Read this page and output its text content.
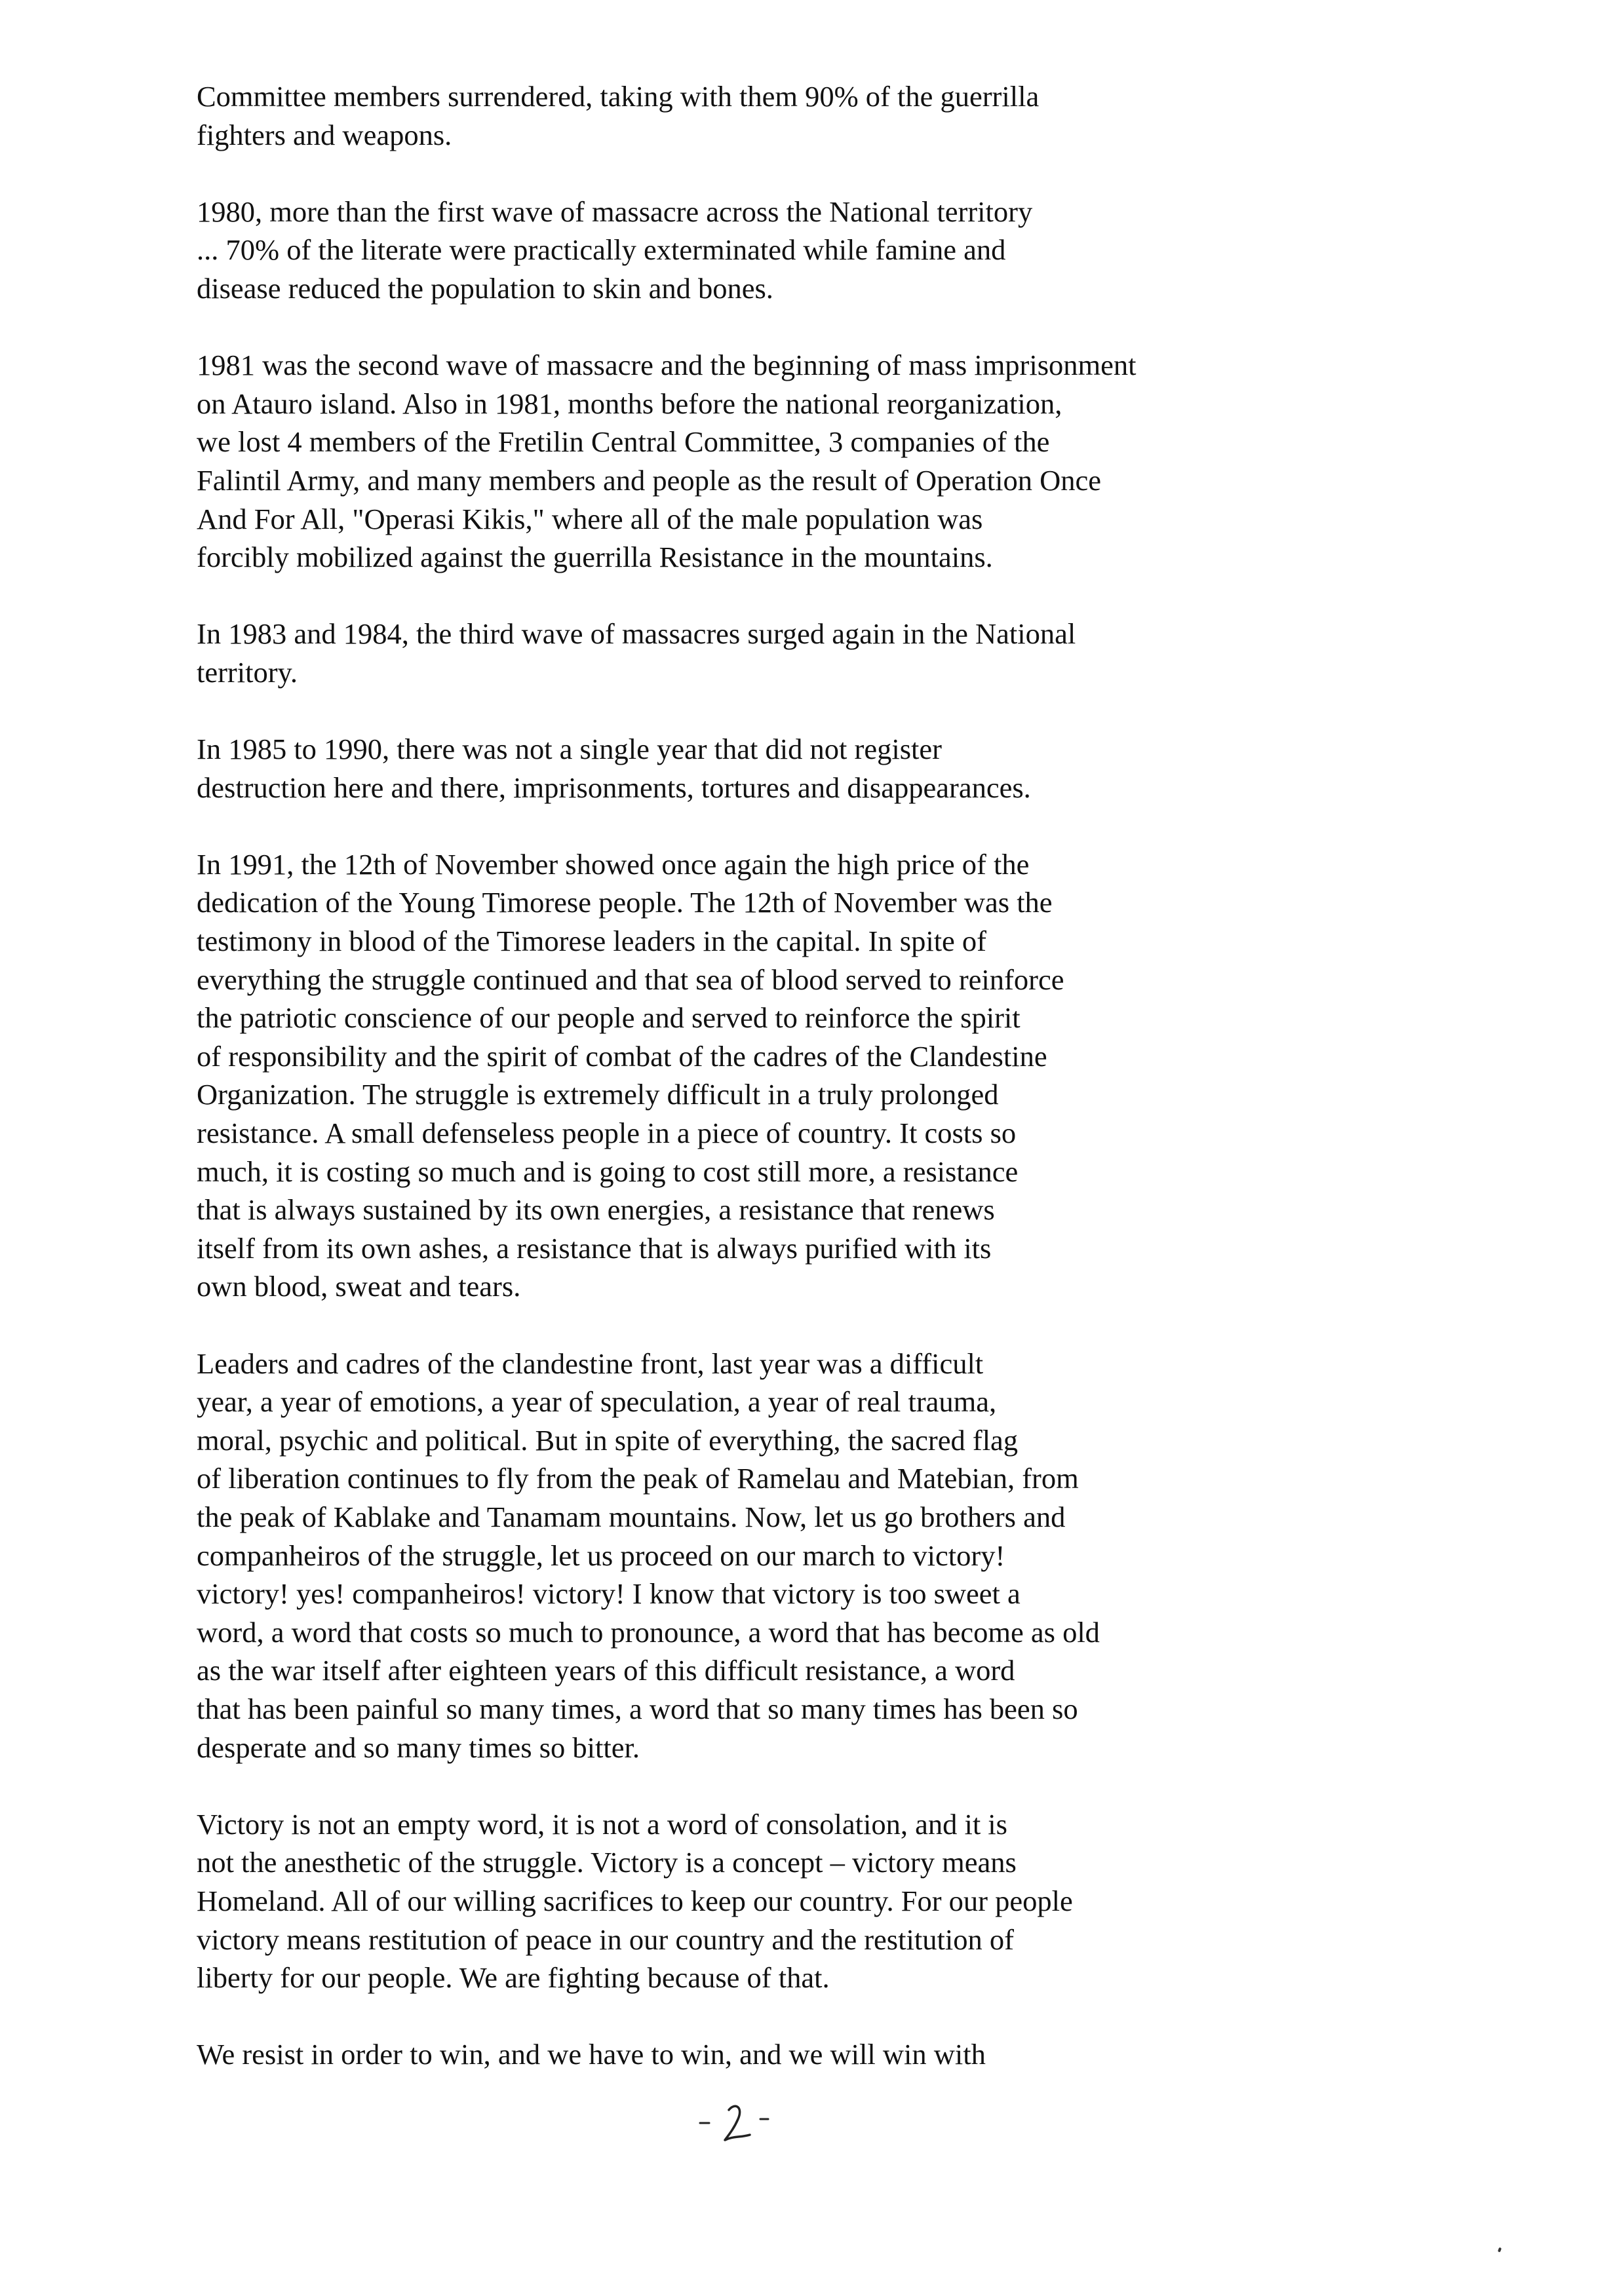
Committee members surrendered, taking with them 90% of the guerrilla
fighters and weapons.
1980, more than the first wave of massacre across the National territory
... 70% of the literate were practically exterminated while famine and
disease reduced the population to skin and bones.
1981 was the second wave of massacre and the beginning of mass imprisonment
on Atauro island. Also in 1981, months before the national reorganization,
we lost 4 members of the Fretilin Central Committee, 3 companies of the
Falintil Army, and many members and people as the result of Operation Once
And For All, "Operasi Kikis," where all of the male population was
forcibly mobilized against the guerrilla Resistance in the mountains.
In 1983 and 1984, the third wave of massacres surged again in the National
territory.
In 1985 to 1990, there was not a single year that did not register
destruction here and there, imprisonments, tortures and disappearances.
In 1991, the 12th of November showed once again the high price of the
dedication of the Young Timorese people. The 12th of November was the
testimony in blood of the Timorese leaders in the capital. In spite of
everything the struggle continued and that sea of blood served to reinforce
the patriotic conscience of our people and served to reinforce the spirit
of responsibility and the spirit of combat of the cadres of the Clandestine
Organization. The struggle is extremely difficult in a truly prolonged
resistance. A small defenseless people in a piece of country. It costs so
much, it is costing so much and is going to cost still more, a resistance
that is always sustained by its own energies, a resistance that renews
itself from its own ashes, a resistance that is always purified with its
own blood, sweat and tears.
Leaders and cadres of the clandestine front, last year was a difficult
year, a year of emotions, a year of speculation, a year of real trauma,
moral, psychic and political. But in spite of everything, the sacred flag
of liberation continues to fly from the peak of Ramelau and Matebian, from
the peak of Kablake and Tanamam mountains. Now, let us go brothers and
companheiros of the struggle, let us proceed on our march to victory!
victory! yes! companheiros! victory! I know that victory is too sweet a
word, a word that costs so much to pronounce, a word that has become as old
as the war itself after eighteen years of this difficult resistance, a word
that has been painful so many times, a word that so many times has been so
desperate and so many times so bitter.
Victory is not an empty word, it is not a word of consolation, and it is
not the anesthetic of the struggle. Victory is a concept – victory means
Homeland. All of our willing sacrifices to keep our country. For our people
victory means restitution of peace in our country and the restitution of
liberty for our people. We are fighting because of that.
We resist in order to win, and we have to win, and we will win with
